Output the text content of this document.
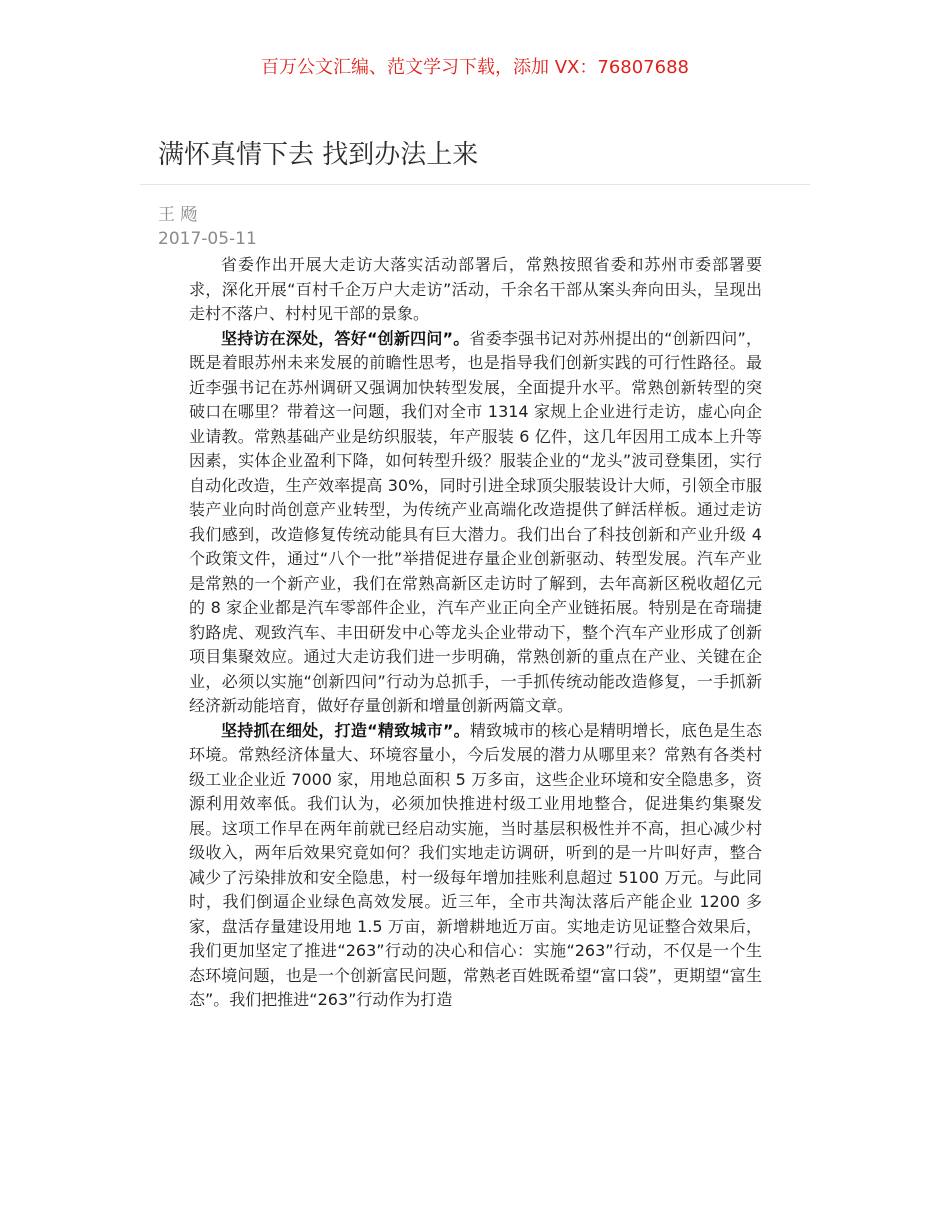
百万公文汇编、范文学习下载，添加 VX：76807688
满怀真情下去 找到办法上来
王 飏
2017-05-11

省委作出开展大走访大落实活动部署后，常熟按照省委和苏州市委部署要求，深化开展“百村千企万户大走访”活动，千余名干部从案头奔向田头，呈现出走村不落户、村村见干部的景象。

坚持访在深处，答好“创新四问”。省委李强书记对苏州提出的“创新四问”，既是着眼苏州未来发展的前瞻性思考，也是指导我们创新实践的可行性路径。最近李强书记在苏州调研又强调加快转型发展，全面提升水平。常熟创新转型的突破口在哪里？带着这一问题，我们对全市 1314 家规上企业进行走访，虚心向企业请教。常熟基础产业是纺织服装，年产服装 6 亿件，这几年因用工成本上升等因素，实体企业盈利下降，如何转型升级？服装企业的“龙头”波司登集团，实行自动化改造，生产效率提高 30%，同时引进全球顶尖服装设计大师，引领全市服装产业向时尚创意产业转型，为传统产业高端化改造提供了鲜活样板。通过走访我们感到，改造修复传统动能具有巨大潜力。我们出台了科技创新和产业升级 4 个政策文件，通过“八个一批”举措促进存量企业创新驱动、转型发展。汽车产业是常熟的一个新产业，我们在常熟高新区走访时了解到，去年高新区税收超亿元的 8 家企业都是汽车零部件企业，汽车产业正向全产业链拓展。特别是在奇瑞捷豹路虎、观致汽车、丰田研发中心等龙头企业带动下，整个汽车产业形成了创新项目集聚效应。通过大走访我们进一步明确，常熟创新的重点在产业、关键在企业，必须以实施“创新四问”行动为总抓手，一手抓传统动能改造修复，一手抓新经济新动能培育，做好存量创新和增量创新两篇文章。

坚持抓在细处，打造“精致城市”。精致城市的核心是精明增长，底色是生态环境。常熟经济体量大、环境容量小，今后发展的潜力从哪里来？常熟有各类村级工业企业近 7000 家，用地总面积 5 万多亩，这些企业环境和安全隐患多，资源利用效率低。我们认为，必须加快推进村级工业用地整合，促进集约集聚发展。这项工作早在两年前就已经启动实施，当时基层积极性并不高，担心减少村级收入，两年后效果究竟如何？我们实地走访调研，听到的是一片叫好声，整合减少了污染排放和安全隐患，村一级每年增加挂账利息超过 5100 万元。与此同时，我们倒逼企业绿色高效发展。近三年，全市共淘汰落后产能企业 1200 多家，盘活存量建设用地 1.5 万亩，新增耕地近万亩。实地走访见证整合效果后，我们更加坚定了推进“263”行动的决心和信心：实施“263”行动，不仅是一个生态环境问题，也是一个创新富民问题，常熟老百姓既希望“富口袋”，更期望“富生态”。我们把推进“263”行动作为打造
